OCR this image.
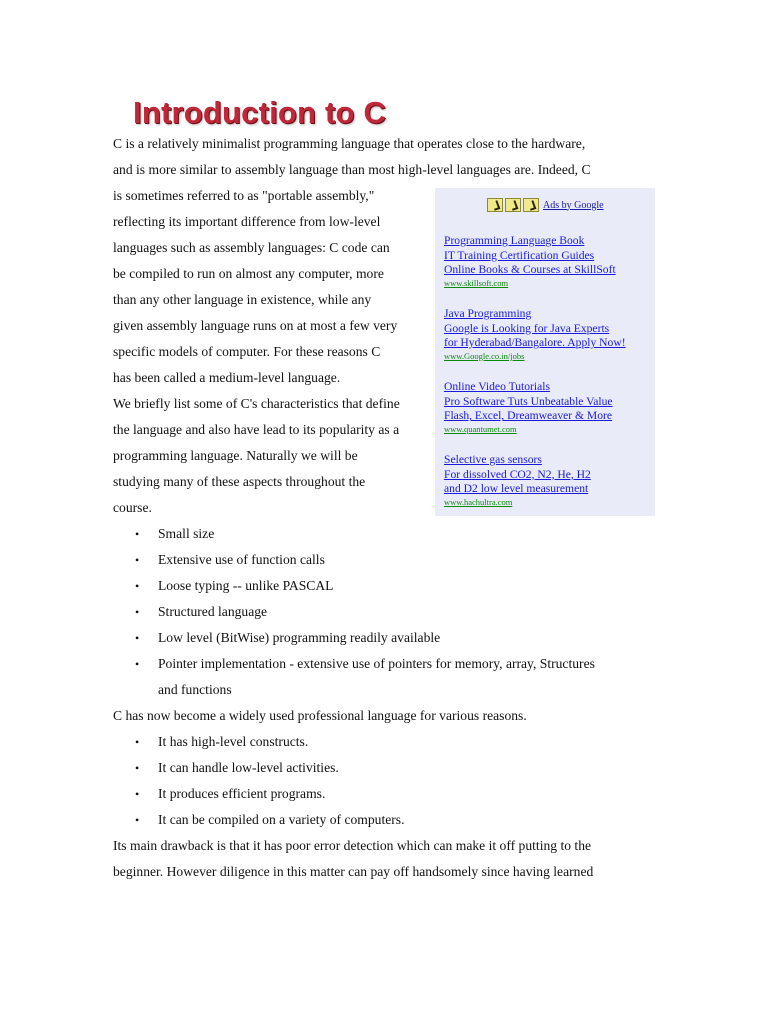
Introduction to C

C is a relatively minimalist programming language that operates close to the hardware,
and is more similar to assembly language than most high-level languages are. Indeed, C

is sometimes referred to as "portable assembly,"
reflecting its important difference from low-level
languages such as assembly languages: C code can
be compiled to run on almost any computer, more
than any other language in existence, while any
given assembly language runs on at most a few very
specific models of computer. For these reasons C
has been called a medium-level language.

We briefly list some of C's characteristics that define
the language and also have lead to its popularity as a
programming language. Naturally we will be
studying many of these aspects throughout the
course.

Ads by Google
Programming Language Book
IT Training Certification Guides
Online Books & Courses at SkillSoft
www.skillsoft.com
Java Programming
Google is Looking for Java Experts
for Hyderabad/Bangalore. Apply Now!
www.Google.co.in/jobs
Online Video Tutorials
Pro Software Tuts Unbeatable Value
Flash, Excel, Dreamweaver & More
www.quantumet.com
Selective gas sensors
For dissolved CO2, N2, He, H2
and D2 low level measurement
www.hachultra.com
• Small size
• Extensive use of function calls
• Loose typing -- unlike PASCAL
• Structured language
• Low level (BitWise) programming readily available
• Pointer implementation - extensive use of pointers for memory, array, Structures

and functions

C has now become a widely used professional language for various reasons.

• It has high-level constructs.
• It can handle low-level activities.
• It produces efficient programs.
• It can be compiled on a variety of computers.

Its main drawback is that it has poor error detection which can make it off putting to the
beginner. However diligence in this matter can pay off handsomely since having learned
